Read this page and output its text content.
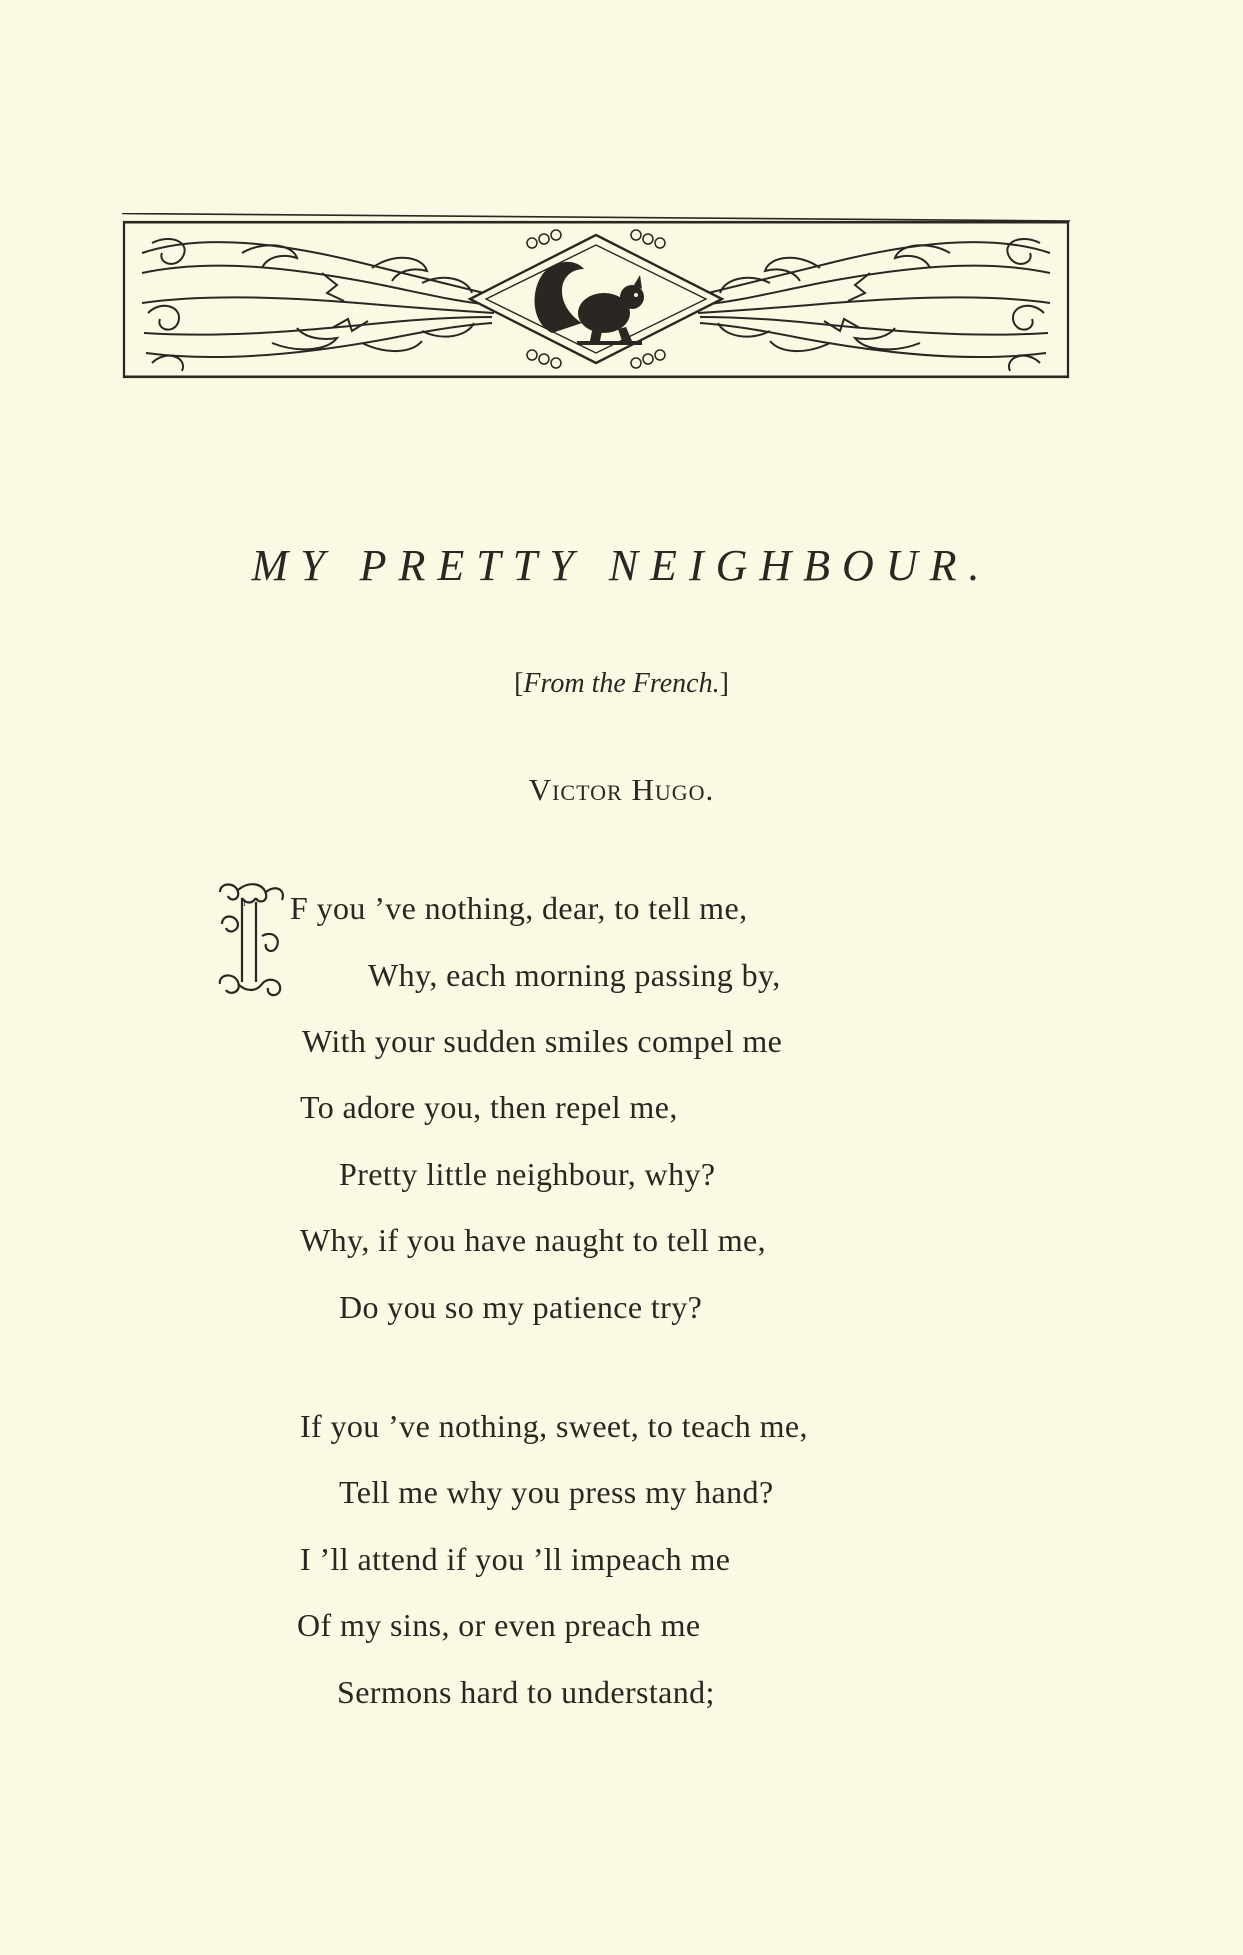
MY PRETTY NEIGHBOUR.
[From the French.]
Victor Hugo.
I F you ’ve nothing, dear, to tell me,
Why, each morning passing by,
With your sudden smiles compel me
To adore you, then repel me,
Pretty little neighbour, why?
Why, if you have naught to tell me,
Do you so my patience try?
If you ’ve nothing, sweet, to teach me,
Tell me why you press my hand?
I ’ll attend if you ’ll impeach me
Of my sins, or even preach me
Sermons hard to understand;
